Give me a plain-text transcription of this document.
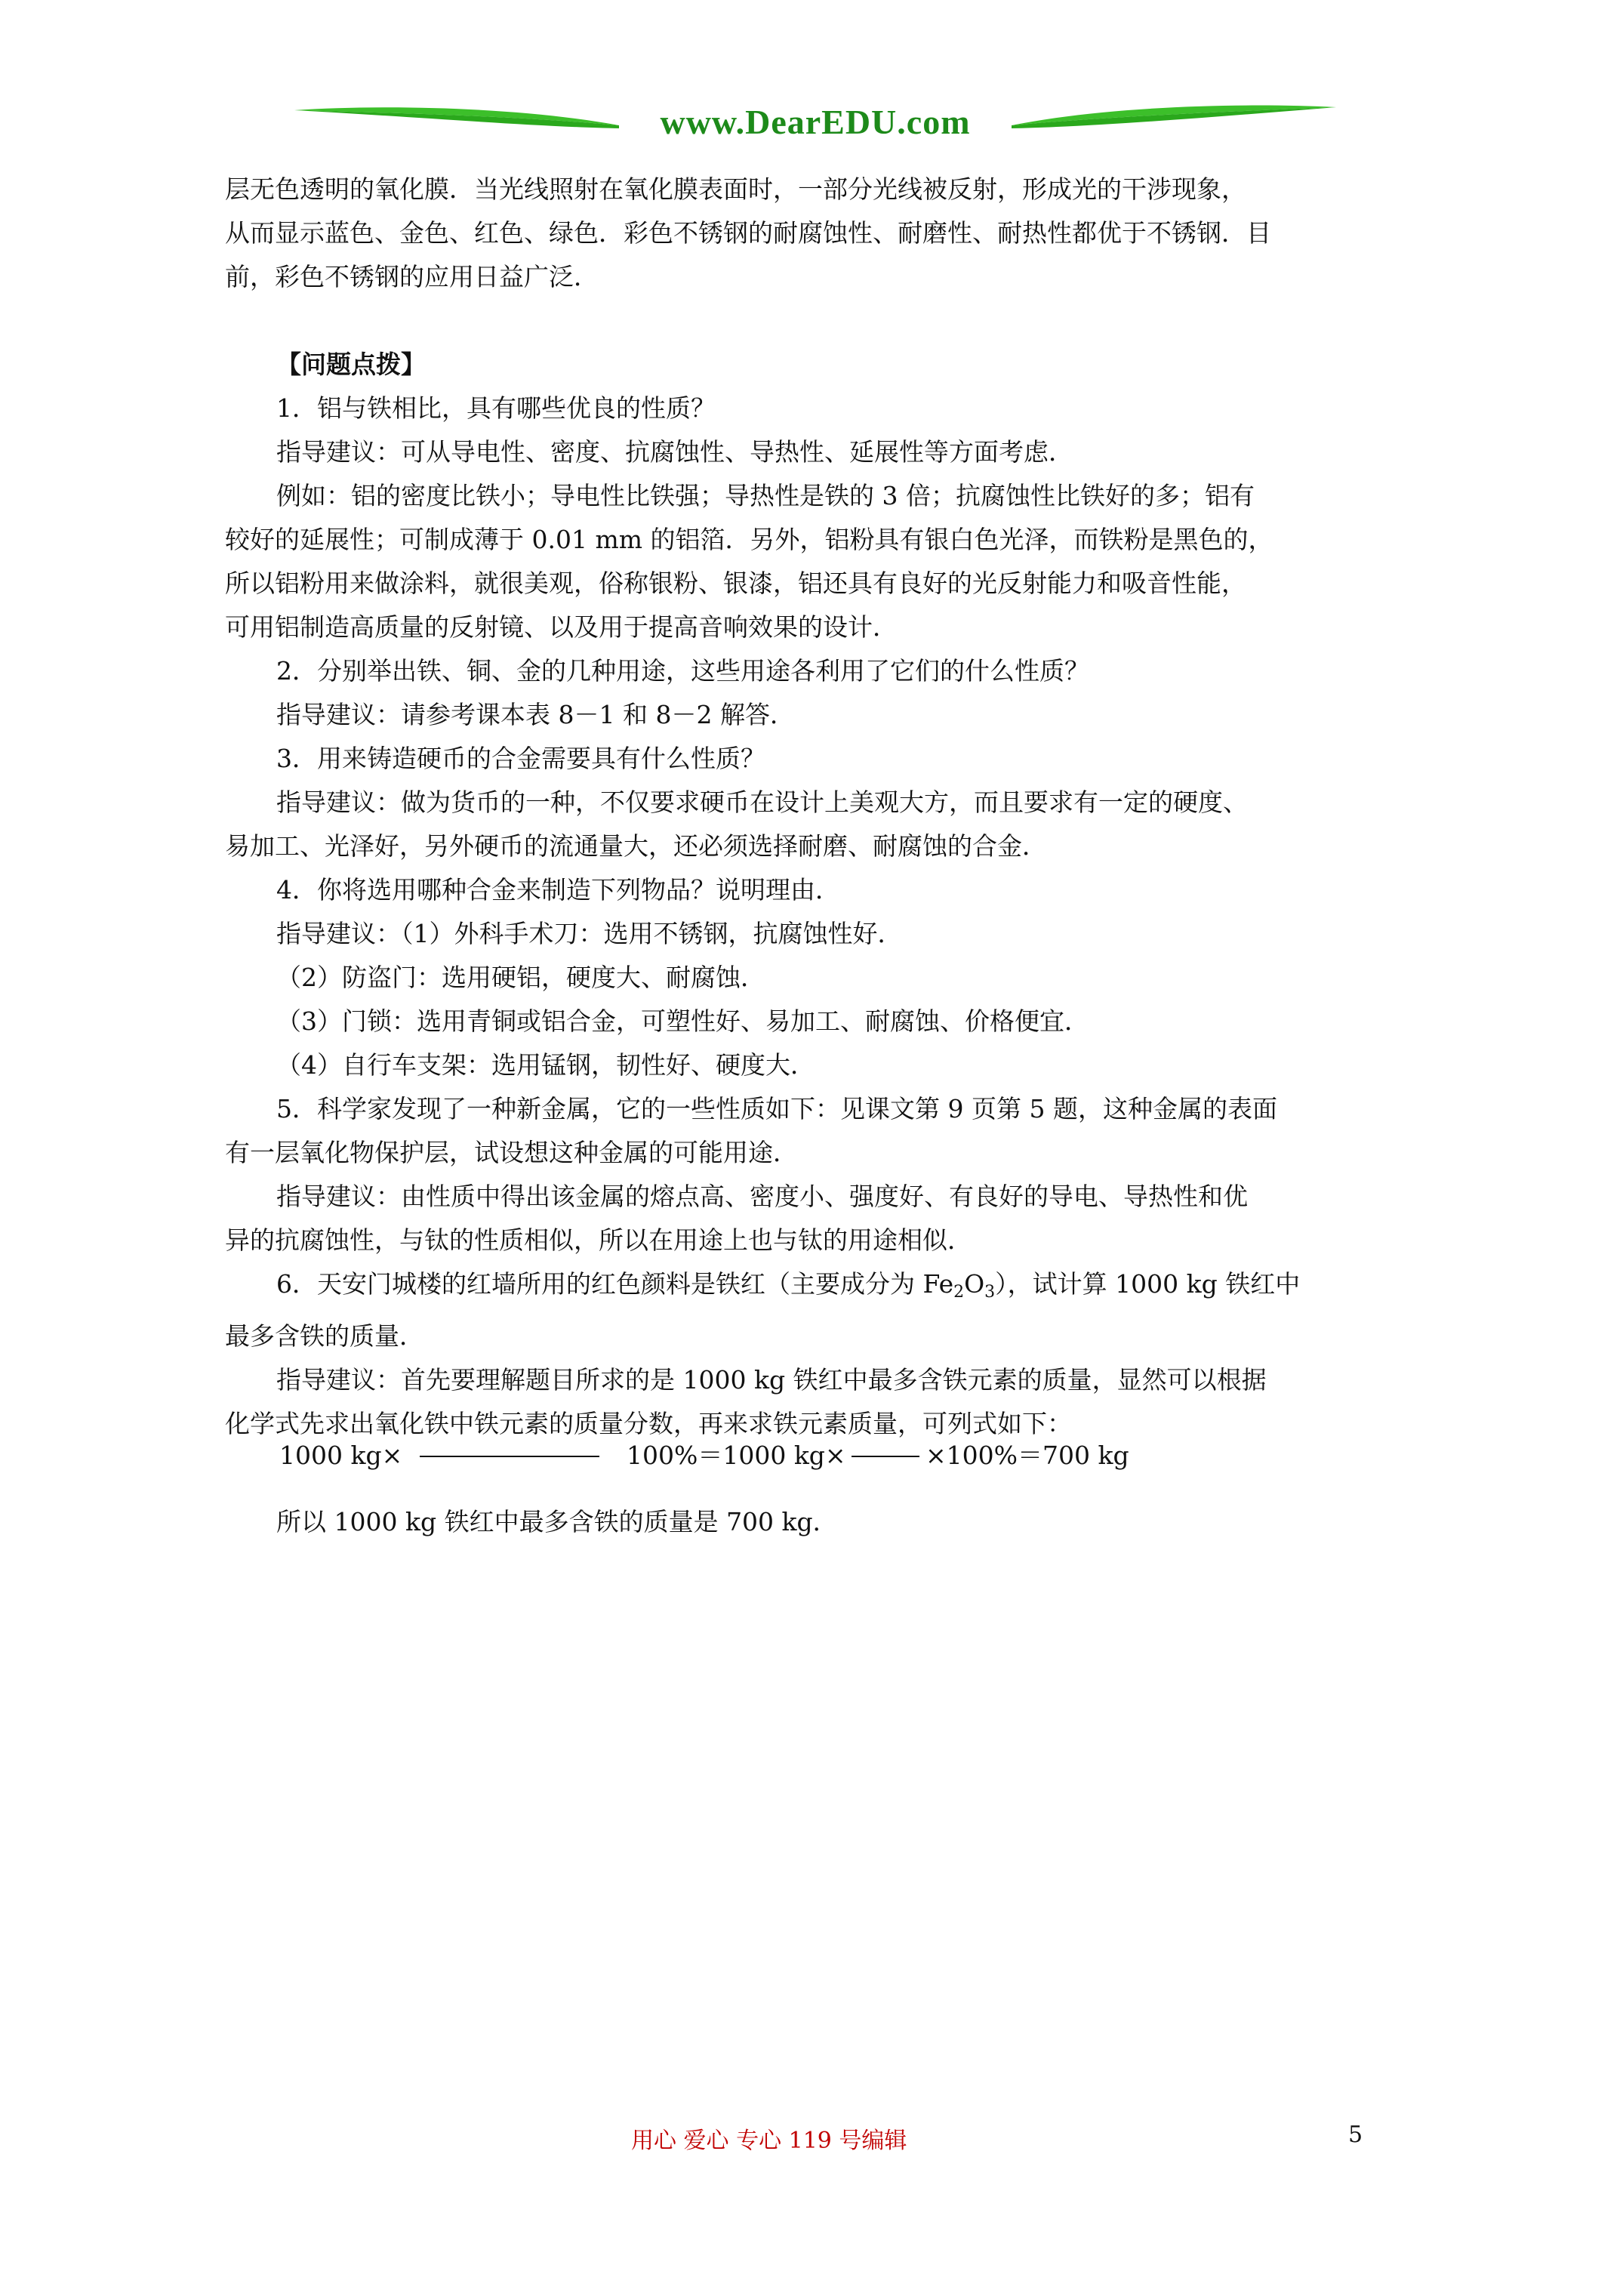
www.DearEDU.com

层无色透明的氧化膜．当光线照射在氧化膜表面时，一部分光线被反射，形成光的干涉现象，

从而显示蓝色、金色、红色、绿色．彩色不锈钢的耐腐蚀性、耐磨性、耐热性都优于不锈钢．目

前，彩色不锈钢的应用日益广泛．

【问题点拨】

1．铝与铁相比，具有哪些优良的性质？

指导建议：可从导电性、密度、抗腐蚀性、导热性、延展性等方面考虑．

例如：铝的密度比铁小；导电性比铁强；导热性是铁的 3 倍；抗腐蚀性比铁好的多；铝有

较好的延展性；可制成薄于 0.01 mm 的铝箔．另外，铝粉具有银白色光泽，而铁粉是黑色的，

所以铝粉用来做涂料，就很美观，俗称银粉、银漆，铝还具有良好的光反射能力和吸音性能，

可用铝制造高质量的反射镜、以及用于提高音响效果的设计．

2．分别举出铁、铜、金的几种用途，这些用途各利用了它们的什么性质？

指导建议：请参考课本表 8－1 和 8－2 解答．

3．用来铸造硬币的合金需要具有什么性质？

指导建议：做为货币的一种，不仅要求硬币在设计上美观大方，而且要求有一定的硬度、

易加工、光泽好，另外硬币的流通量大，还必须选择耐磨、耐腐蚀的合金．

4．你将选用哪种合金来制造下列物品？说明理由．

指导建议：（1）外科手术刀：选用不锈钢，抗腐蚀性好．

（2）防盗门：选用硬铝，硬度大、耐腐蚀．

（3）门锁：选用青铜或铝合金，可塑性好、易加工、耐腐蚀、价格便宜．

（4）自行车支架：选用锰钢，韧性好、硬度大．

5．科学家发现了一种新金属，它的一些性质如下：见课文第 9 页第 5 题，这种金属的表面

有一层氧化物保护层，试设想这种金属的可能用途．

指导建议：由性质中得出该金属的熔点高、密度小、强度好、有良好的导电、导热性和优

异的抗腐蚀性，与钛的性质相似，所以在用途上也与钛的用途相似．

6．天安门城楼的红墙所用的红色颜料是铁红（主要成分为 $Fe_2O_3$），试计算 1000 kg 铁红中

最多含铁的质量．

指导建议：首先要理解题目所求的是 1000 kg 铁红中最多含铁元素的质量，显然可以根据

化学式先求出氧化铁中铁元素的质量分数，再来求铁元素质量，可列式如下：

1000 kg×	100%＝1000 kg×	×100%＝700 kg

所以 1000 kg 铁红中最多含铁的质量是 700 kg．

用心 爱心 专心 119 号编辑	5
